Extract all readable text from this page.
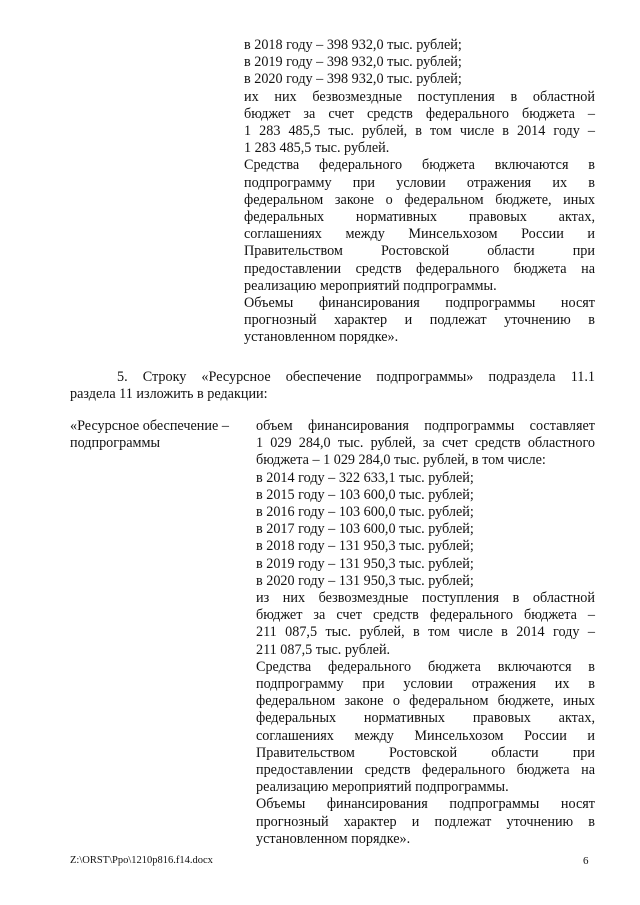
в 2018 году – 398 932,0 тыс. рублей;
в 2019 году – 398 932,0 тыс. рублей;
в 2020 году – 398 932,0 тыс. рублей;
их них безвозмездные поступления в областной
бюджет за счет средств федерального бюджета –
1 283 485,5 тыс. рублей, в том числе в 2014 году –
1 283 485,5 тыс. рублей.
Средства федерального бюджета включаются в
подпрограмму при условии отражения их в
федеральном законе о федеральном бюджете, иных
федеральных нормативных правовых актах,
соглашениях между Минсельхозом России и
Правительством Ростовской области при
предоставлении средств федерального бюджета на
реализацию мероприятий подпрограммы.
Объемы финансирования подпрограммы носят
прогнозный характер и подлежат уточнению в
установленном порядке».
5. Строку «Ресурсное обеспечение подпрограммы» подраздела 11.1
раздела 11 изложить в редакции:
«Ресурсное обеспечение –
подпрограммы
объем финансирования подпрограммы составляет
1 029 284,0 тыс. рублей, за счет средств областного
бюджета – 1 029 284,0 тыс. рублей, в том числе:
в 2014 году – 322 633,1 тыс. рублей;
в 2015 году – 103 600,0 тыс. рублей;
в 2016 году – 103 600,0 тыс. рублей;
в 2017 году – 103 600,0 тыс. рублей;
в 2018 году – 131 950,3 тыс. рублей;
в 2019 году – 131 950,3 тыс. рублей;
в 2020 году – 131 950,3 тыс. рублей;
из них безвозмездные поступления в областной
бюджет за счет средств федерального бюджета –
211 087,5 тыс. рублей, в том числе в 2014 году –
211 087,5 тыс. рублей.
Средства федерального бюджета включаются в
подпрограмму при условии отражения их в
федеральном законе о федеральном бюджете, иных
федеральных нормативных правовых актах,
соглашениях между Минсельхозом России и
Правительством Ростовской области при
предоставлении средств федерального бюджета на
реализацию мероприятий подпрограммы.
Объемы финансирования подпрограммы носят
прогнозный характер и подлежат уточнению в
установленном порядке».
Z:\ORST\Ppo\1210p816.f14.docx	6
